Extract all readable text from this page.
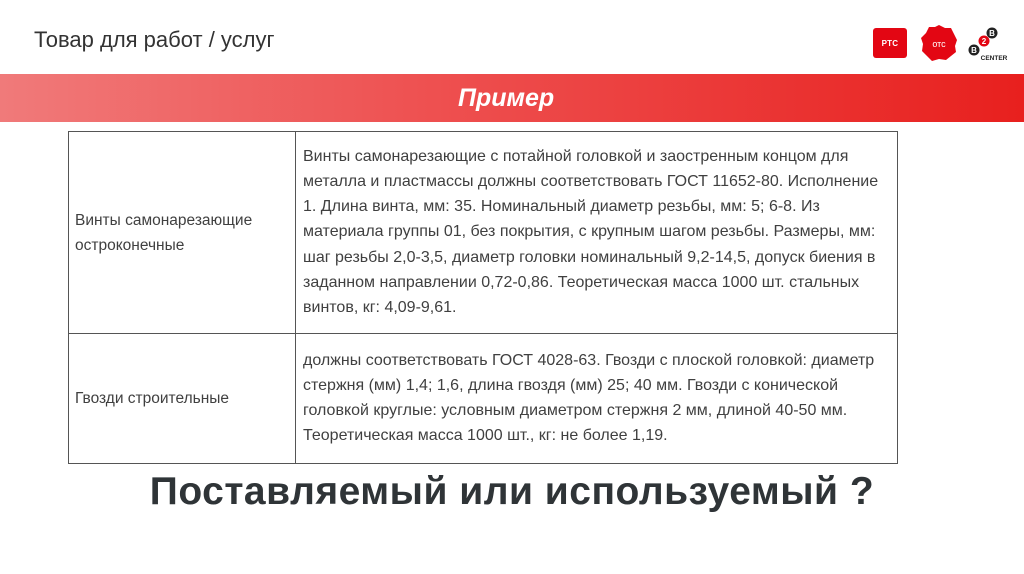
Товар для работ / услуг	РТС	отс
B
2
B
CENTER
Пример
Винты самонарезающие остроконечные	Винты самонарезающие с потайной головкой и заостренным концом для металла и пластмассы должны соответствовать ГОСТ 11652-80. Исполнение 1. Длина винта, мм: 35. Номинальный диаметр резьбы, мм: 5; 6-8. Из материала группы 01, без покрытия, с крупным шагом резьбы. Размеры, мм: шаг резьбы 2,0-3,5, диаметр головки номинальный 9,2-14,5, допуск биения в заданном направлении 0,72-0,86. Теоретическая масса 1000 шт. стальных винтов, кг: 4,09-9,61.
Гвозди строительные	должны соответствовать ГОСТ 4028-63. Гвозди с плоской головкой: диаметр стержня (мм) 1,4; 1,6, длина гвоздя (мм) 25; 40 мм. Гвозди с конической головкой круглые: условным диаметром стержня 2 мм, длиной 40-50 мм. Теоретическая масса 1000 шт., кг: не более 1,19.
Поставляемый или используемый ?
